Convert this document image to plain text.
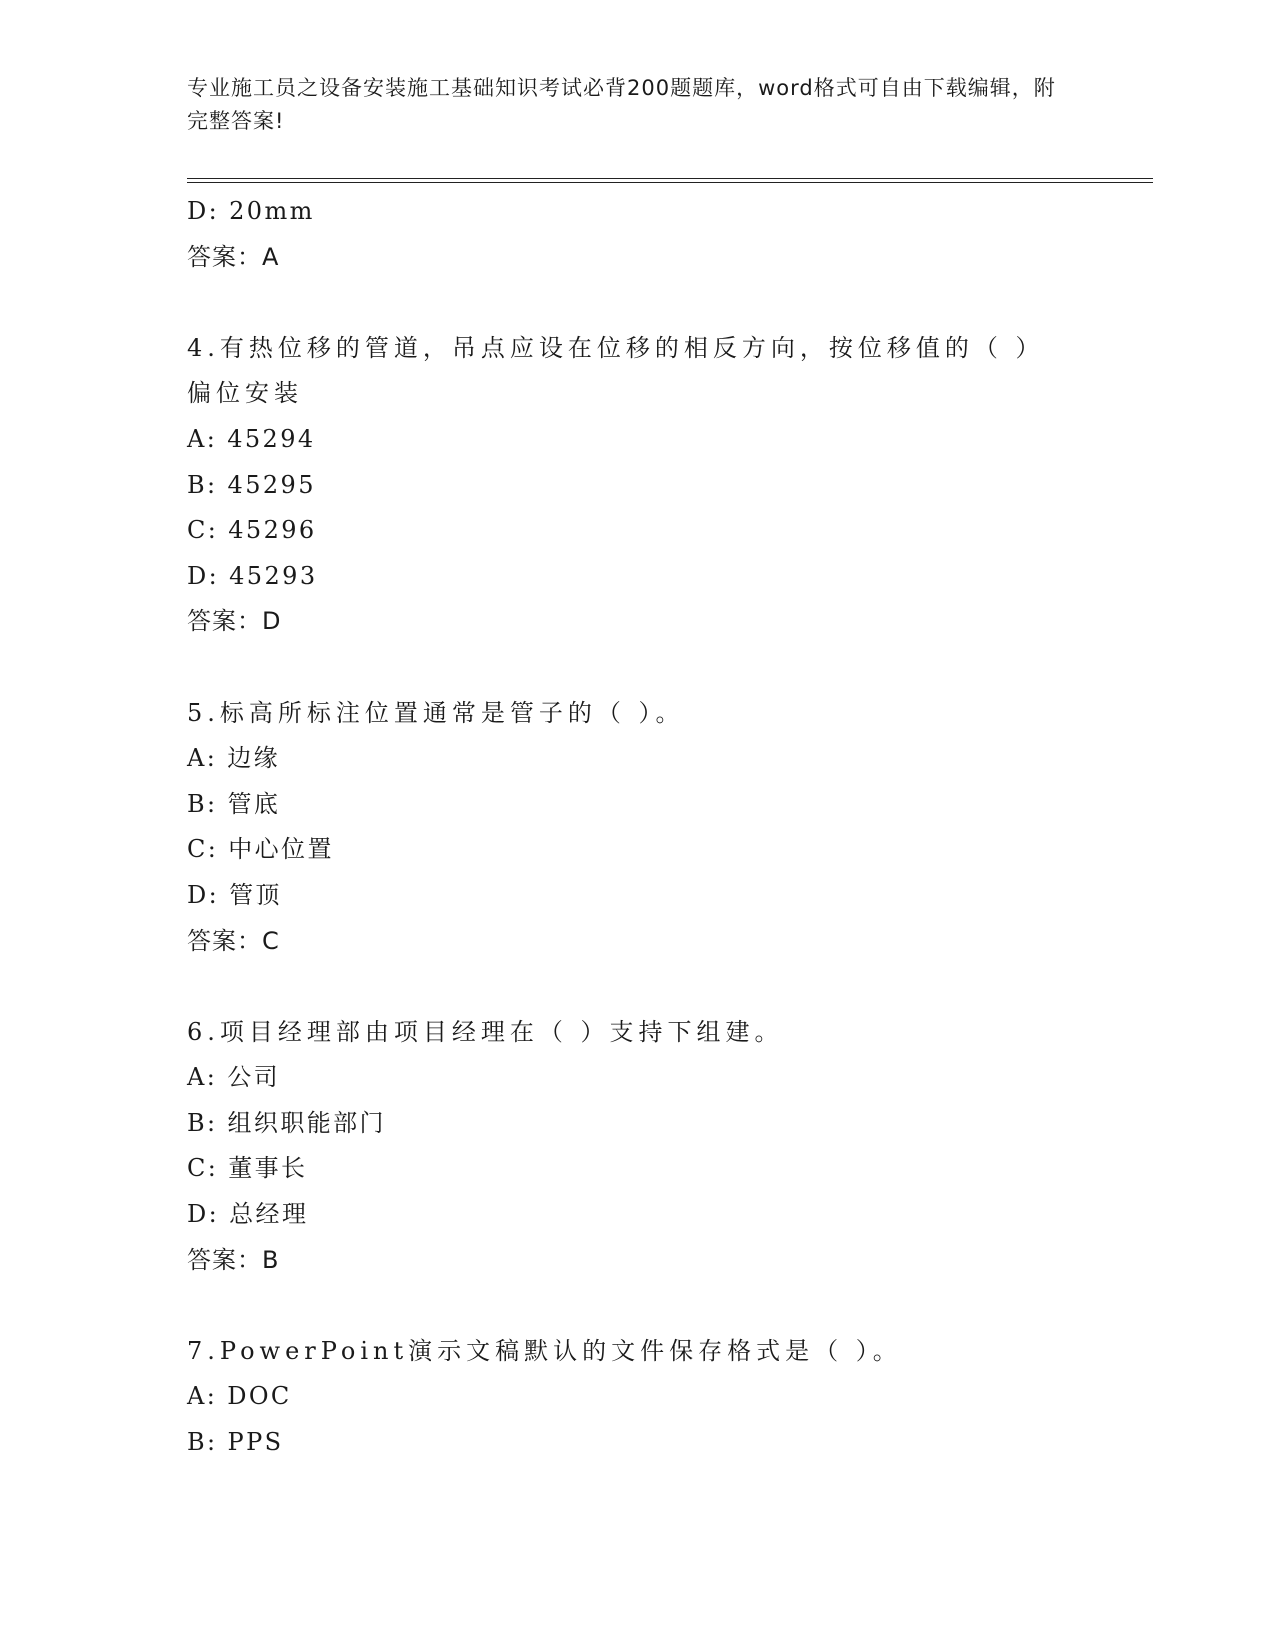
专业施工员之设备安装施工基础知识考试必背200题题库，word格式可自由下载编辑，附完整答案!
D: 20mm
答案：A
4.有热位移的管道，吊点应设在位移的相反方向，按位移值的（ ）偏位安装
A: 45294
B: 45295
C: 45296
D: 45293
答案：D
5.标高所标注位置通常是管子的（ ）。
A: 边缘
B: 管底
C: 中心位置
D: 管顶
答案：C
6.项目经理部由项目经理在（ ）支持下组建。
A: 公司
B: 组织职能部门
C: 董事长
D: 总经理
答案：B
7.PowerPoint演示文稿默认的文件保存格式是（ ）。
A: DOC
B: PPS
